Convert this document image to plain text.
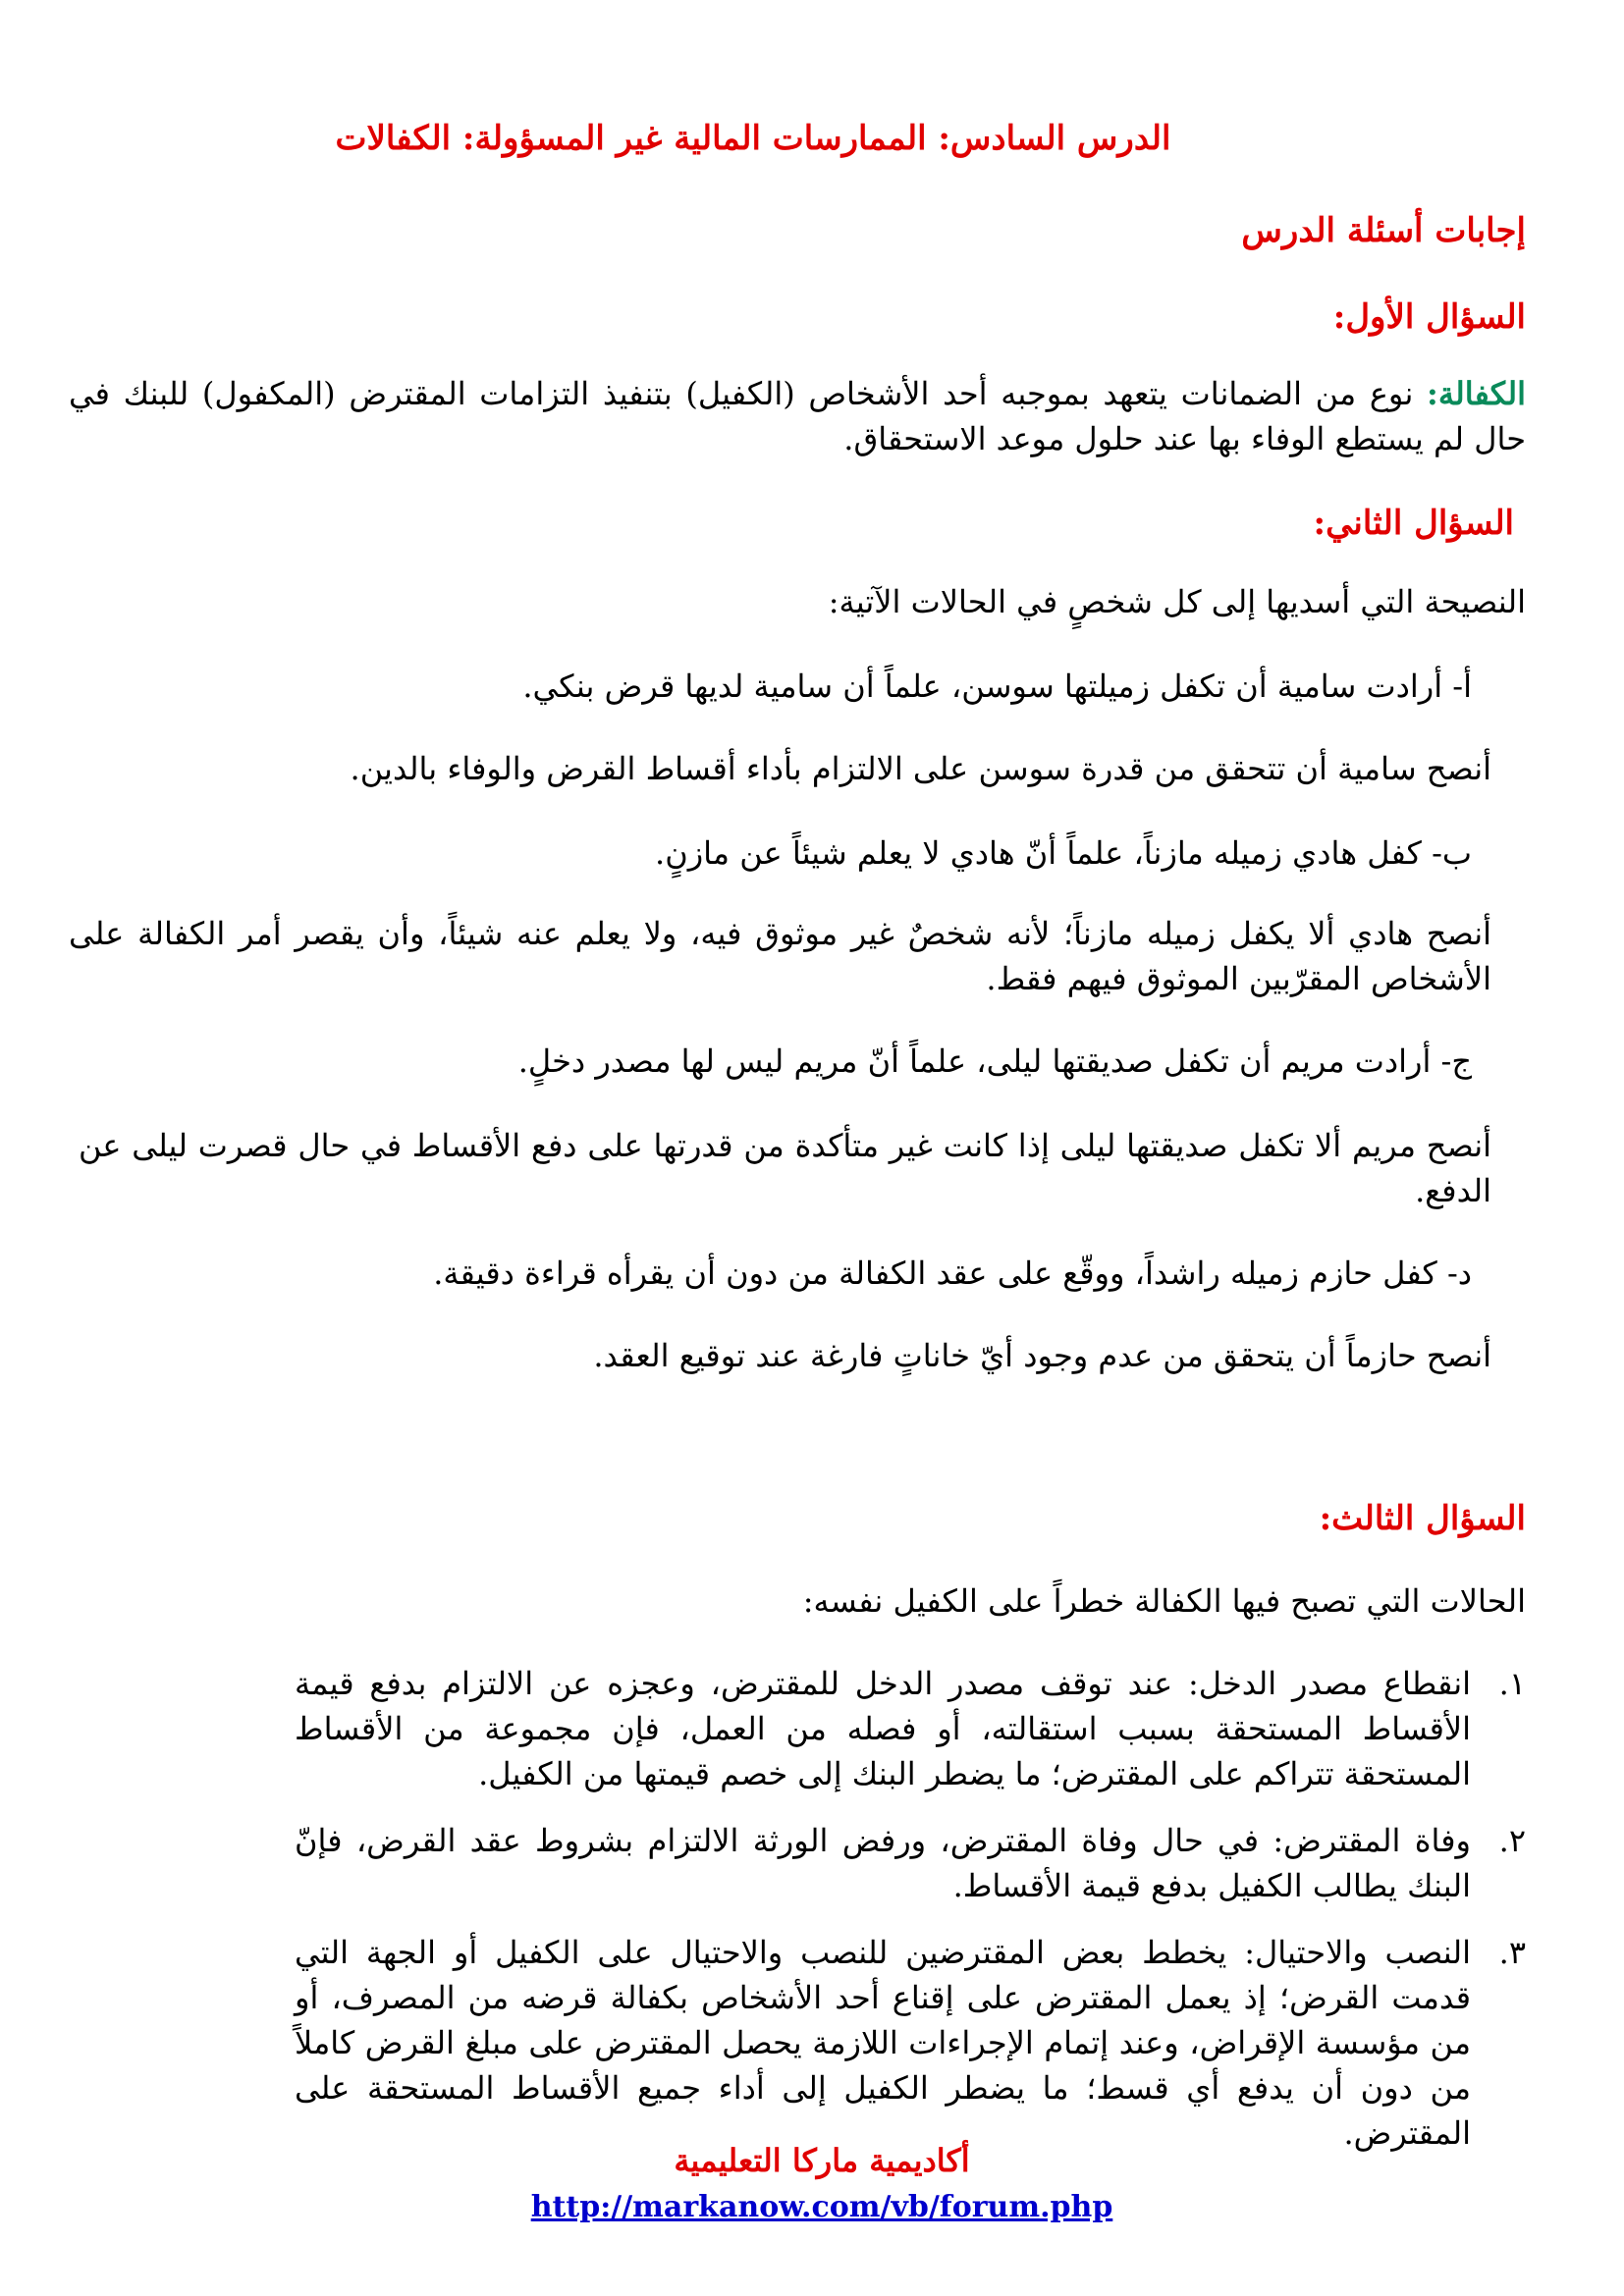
الدرس السادس: الممارسات المالية غير المسؤولة: الكفالات
إجابات أسئلة الدرس
السؤال الأول:
الكفالة: نوع من الضمانات يتعهد بموجبه أحد الأشخاص (الكفيل) بتنفيذ التزامات المقترض (المكفول) للبنك في حال لم يستطع الوفاء بها عند حلول موعد الاستحقاق.
السؤال الثاني:
النصيحة التي أسديها إلى كل شخصٍ في الحالات الآتية:
أ- أرادت سامية أن تكفل زميلتها سوسن، علماً أن سامية لديها قرض بنكي.
أنصح سامية أن تتحقق من قدرة سوسن على الالتزام بأداء أقساط القرض والوفاء بالدين.
ب- كفل هادي زميله مازناً، علماً أنّ هادي لا يعلم شيئاً عن مازنٍ.
أنصح هادي ألا يكفل زميله مازناً؛ لأنه شخصٌ غير موثوق فيه، ولا يعلم عنه شيئاً، وأن يقصر أمر الكفالة على الأشخاص المقرّبين الموثوق فيهم فقط.
ج- أرادت مريم أن تكفل صديقتها ليلى، علماً أنّ مريم ليس لها مصدر دخلٍ.
أنصح مريم ألا تكفل صديقتها ليلى إذا كانت غير متأكدة من قدرتها على دفع الأقساط في حال قصرت ليلى عن الدفع.
د- كفل حازم زميله راشداً، ووقّع على عقد الكفالة من دون أن يقرأه قراءة دقيقة.
أنصح حازماً أن يتحقق من عدم وجود أيّ خاناتٍ فارغة عند توقيع العقد.
السؤال الثالث:
الحالات التي تصبح فيها الكفالة خطراً على الكفيل نفسه:
١.
انقطاع مصدر الدخل: عند توقف مصدر الدخل للمقترض، وعجزه عن الالتزام بدفع قيمة الأقساط المستحقة بسبب استقالته، أو فصله من العمل، فإن مجموعة من الأقساط المستحقة تتراكم على المقترض؛ ما يضطر البنك إلى خصم قيمتها من الكفيل.
٢.
وفاة المقترض: في حال وفاة المقترض، ورفض الورثة الالتزام بشروط عقد القرض، فإنّ البنك يطالب الكفيل بدفع قيمة الأقساط.
٣.
النصب والاحتيال: يخطط بعض المقترضين للنصب والاحتيال على الكفيل أو الجهة التي قدمت القرض؛ إذ يعمل المقترض على إقناع أحد الأشخاص بكفالة قرضه من المصرف، أو من مؤسسة الإقراض، وعند إتمام الإجراءات اللازمة يحصل المقترض على مبلغ القرض كاملاً من دون أن يدفع أي قسط؛ ما يضطر الكفيل إلى أداء جميع الأقساط المستحقة على المقترض.
أكاديمية ماركا التعليمية
http://markanow.com/vb/forum.php
